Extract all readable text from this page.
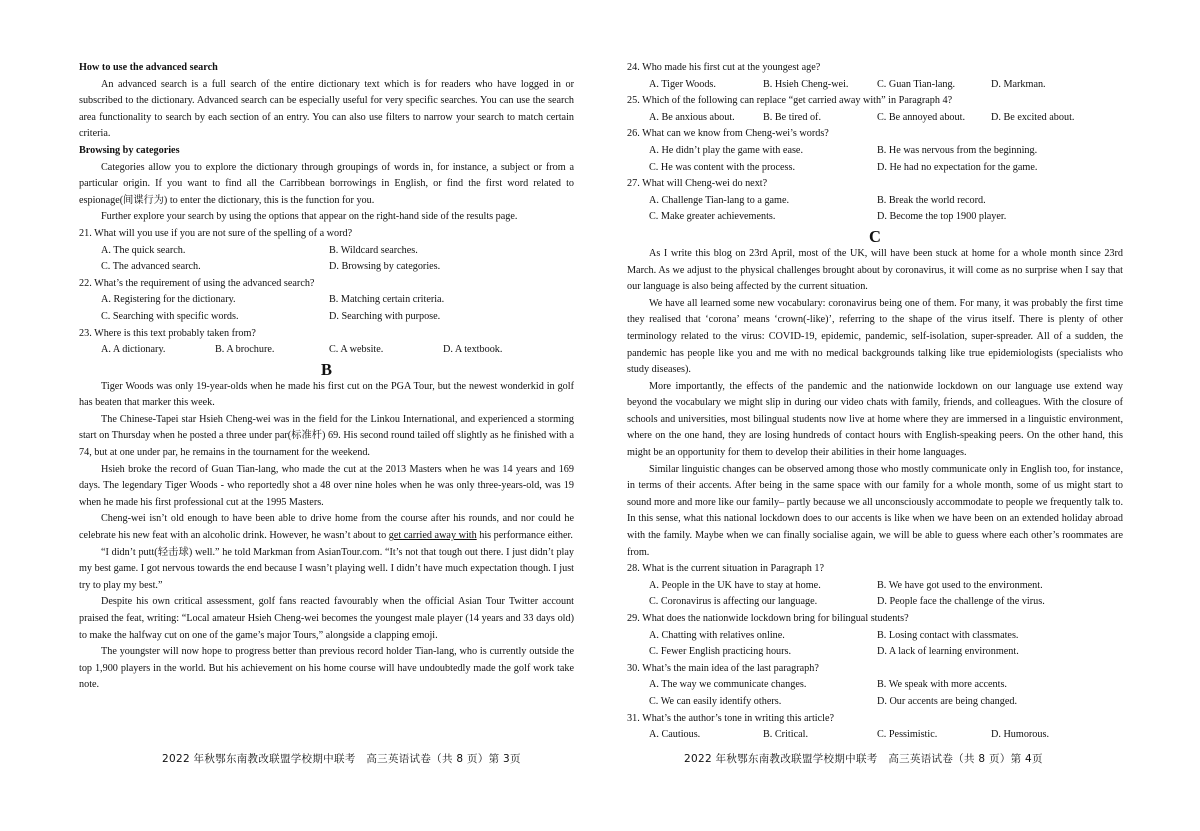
How to use the advanced search

An advanced search is a full search of the entire dictionary text which is for readers who have logged in or subscribed to the dictionary. Advanced search can be especially useful for very specific searches. You can use the search area functionality to search by each section of an entry. You can also use filters to narrow your search to match certain criteria.

Browsing by categories

Categories allow you to explore the dictionary through groupings of words in, for instance, a subject or from a particular origin. If you want to find all the Carribbean borrowings in English, or find the first word related to espionage(间谍行为) to enter the dictionary, this is the function for you.

Further explore your search by using the options that appear on the right-hand side of the results page.

21. What will you use if you are not sure of the spelling of a word?

A. The quick search.	B. Wildcard searches.
C. The advanced search.	D. Browsing by categories.

22. What’s the requirement of using the advanced search?

A. Registering for the dictionary.	B. Matching certain criteria.
C. Searching with specific words.	D. Searching with purpose.

23. Where is this text probably taken from?

A. A dictionary.	B. A brochure.	C. A website.	D. A textbook.

B

Tiger Woods was only 19-year-olds when he made his first cut on the PGA Tour, but the newest wonderkid in golf has beaten that marker this week.

The Chinese-Tapei star Hsieh Cheng-wei was in the field for the Linkou International, and experienced a storming start on Thursday when he posted a three under par(标准杆) 69. His second round tailed off slightly as he finished with a 74, but at one under par, he remains in the tournament for the weekend.

Hsieh broke the record of Guan Tian-lang, who made the cut at the 2013 Masters when he was 14 years and 169 days. The legendary Tiger Woods - who reportedly shot a 48 over nine holes when he was only three-years-old, was 19 when he made his first professional cut at the 1995 Masters.

Cheng-wei isn’t old enough to have been able to drive home from the course after his rounds, and nor could he celebrate his new feat with an alcoholic drink. However, he wasn’t about to get carried away with his performance either.

“I didn’t putt(轻击球) well.” he told Markman from AsianTour.com. “It’s not that tough out there. I just didn’t play my best game. I got nervous towards the end because I wasn’t playing well. I didn’t have much expectation though. I just try to play my best.”

Despite his own critical assessment, golf fans reacted favourably when the official Asian Tour Twitter account praised the feat, writing: “Local amateur Hsieh Cheng-wei becomes the youngest male player (14 years and 33 days old) to make the halfway cut on one of the game’s major Tours,” alongside a clapping emoji.

The youngster will now hope to progress better than previous record holder Tian-lang, who is currently outside the top 1,900 players in the world. But his achievement on his home course will have undoubtedly made the golf work take note.

2022 年秋鄂东南教改联盟学校期中联考　高三英语试卷（共 8 页）第 3页

24. Who made his first cut at the youngest age?

A. Tiger Woods.	B. Hsieh Cheng-wei.	C. Guan Tian-lang.	D. Markman.

25. Which of the following can replace “get carried away with” in Paragraph 4?

A. Be anxious about.	B. Be tired of.	C. Be annoyed about.	D. Be excited about.

26. What can we know from Cheng-wei’s words?

A. He didn’t play the game with ease.	B. He was nervous from the beginning.
C. He was content with the process.	D. He had no expectation for the game.

27. What will Cheng-wei do next?

A. Challenge Tian-lang to a game.	B. Break the world record.
C. Make greater achievements.	D. Become the top 1900 player.

C

As I write this blog on 23rd April, most of the UK, will have been stuck at home for a whole month since 23rd March. As we adjust to the physical challenges brought about by coronavirus, it will come as no surprise when I say that our language is also being affected by the current situation.

We have all learned some new vocabulary: coronavirus being one of them. For many, it was probably the first time they realised that ‘corona’ means ‘crown(-like)’, referring to the shape of the virus itself. There is plenty of other terminology related to the virus: COVID-19, epidemic, pandemic, self-isolation, super-spreader. All of a sudden, the pandemic has people like you and me with no medical backgrounds talking like true epidemiologists (specialists who study diseases).

More importantly, the effects of the pandemic and the nationwide lockdown on our language use extend way beyond the vocabulary we might slip in during our video chats with family, friends, and colleagues. With the closure of schools and universities, most bilingual students now live at home where they are immersed in a linguistic environment, where on the one hand, they are losing hundreds of contact hours with English-speaking peers. On the other hand, this might be an opportunity for them to develop their abilities in their home languages.

Similar linguistic changes can be observed among those who mostly communicate only in English too, for instance, in terms of their accents. After being in the same space with our family for a whole month, some of us might start to sound more and more like our family– partly because we all unconsciously accommodate to people we frequently talk to. In this sense, what this national lockdown does to our accents is like when we have been on an extended holiday abroad with the family. Maybe when we can finally socialise again, we will be able to guess where each other’s roommates are from.

28. What is the current situation in Paragraph 1?

A. People in the UK have to stay at home.	B. We have got used to the environment.
C. Coronavirus is affecting our language.	D. People face the challenge of the virus.

29. What does the nationwide lockdown bring for bilingual students?

A. Chatting with relatives online.	B. Losing contact with classmates.
C. Fewer English practicing hours.	D. A lack of learning environment.

30. What’s the main idea of the last paragraph?

A. The way we communicate changes.	B. We speak with more accents.
C. We can easily identify others.	D. Our accents are being changed.

31. What’s the author’s tone in writing this article?

A. Cautious.	B. Critical.	C. Pessimistic.	D. Humorous.
2022 年秋鄂东南教改联盟学校期中联考　高三英语试卷（共 8 页）第 4页
